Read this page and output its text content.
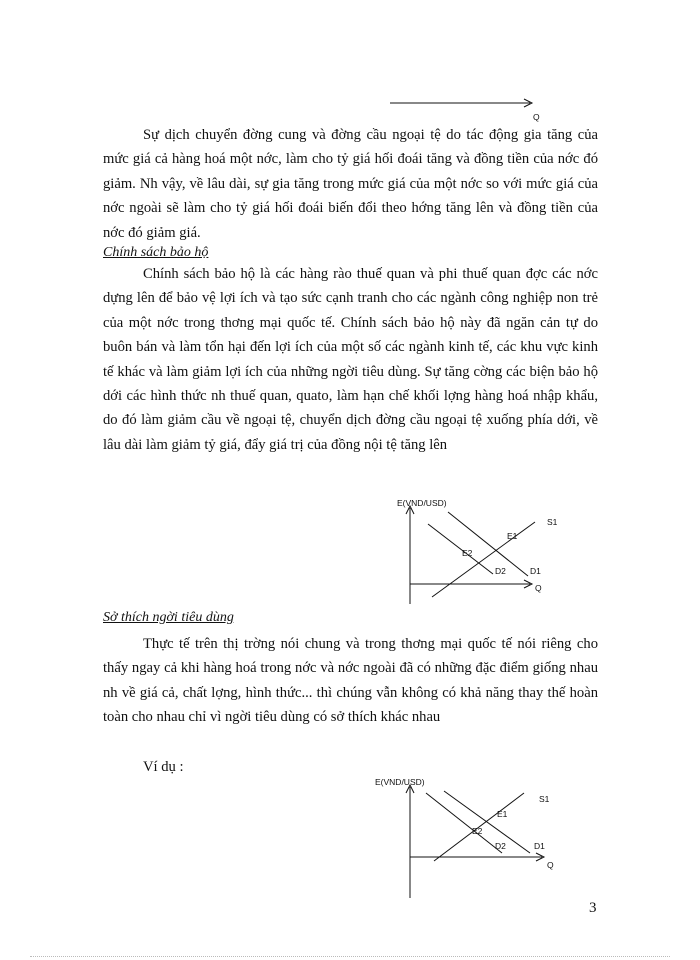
Q

Sự dịch chuyển đờng cung và đờng cầu ngoại tệ do tác động gia tăng của mức giá cả hàng hoá một nớc, làm cho tỷ giá hối đoái tăng và đồng tiền của nớc đó giảm. Nh vậy, về lâu dài, sự gia tăng trong mức giá của một nớc so với mức giá của nớc ngoài sẽ làm cho tỷ giá hối đoái biến đổi theo hớng tăng lên và đồng tiền của nớc đó giảm giá.

Chính sách bảo hộ

Chính sách bảo hộ là các hàng rào thuế quan và phi thuế quan đợc các nớc dựng lên để bảo vệ lợi ích và tạo sức cạnh tranh cho các ngành công nghiệp non trẻ của một nớc trong thơng mại quốc tế. Chính sách bảo hộ này đã ngăn cản tự do buôn bán và làm tổn hại đến lợi ích của một số các ngành kinh tế, các khu vực kinh tế khác và làm giảm lợi ích của những ngời tiêu dùng. Sự tăng cờng các biện bảo hộ dới các hình thức nh thuế quan, quato, làm hạn chế khối lợng hàng hoá nhập khẩu, do đó làm giảm cầu về ngoại tệ, chuyển dịch đờng cầu ngoại tệ xuống phía dới, về lâu dài làm giảm tỷ giá, đẩy giá trị của đồng nội tệ tăng lên

E(VND/USD)
Q
S1
E1
E2
D2	D1

Sở thích ngời tiêu dùng

Thực tế trên thị trờng nói chung và trong thơng mại quốc tế nói riêng cho thấy ngay cả khi hàng hoá trong nớc và nớc ngoài đã có những đặc điểm giống nhau nh về giá cả, chất lợng, hình thức... thì chúng vẫn không có khả năng thay thế hoàn toàn cho nhau chỉ vì ngời tiêu dùng có sở thích khác nhau

Ví dụ :

E(VND/USD)
Q
S1
E1
E2
D2	D1
3
